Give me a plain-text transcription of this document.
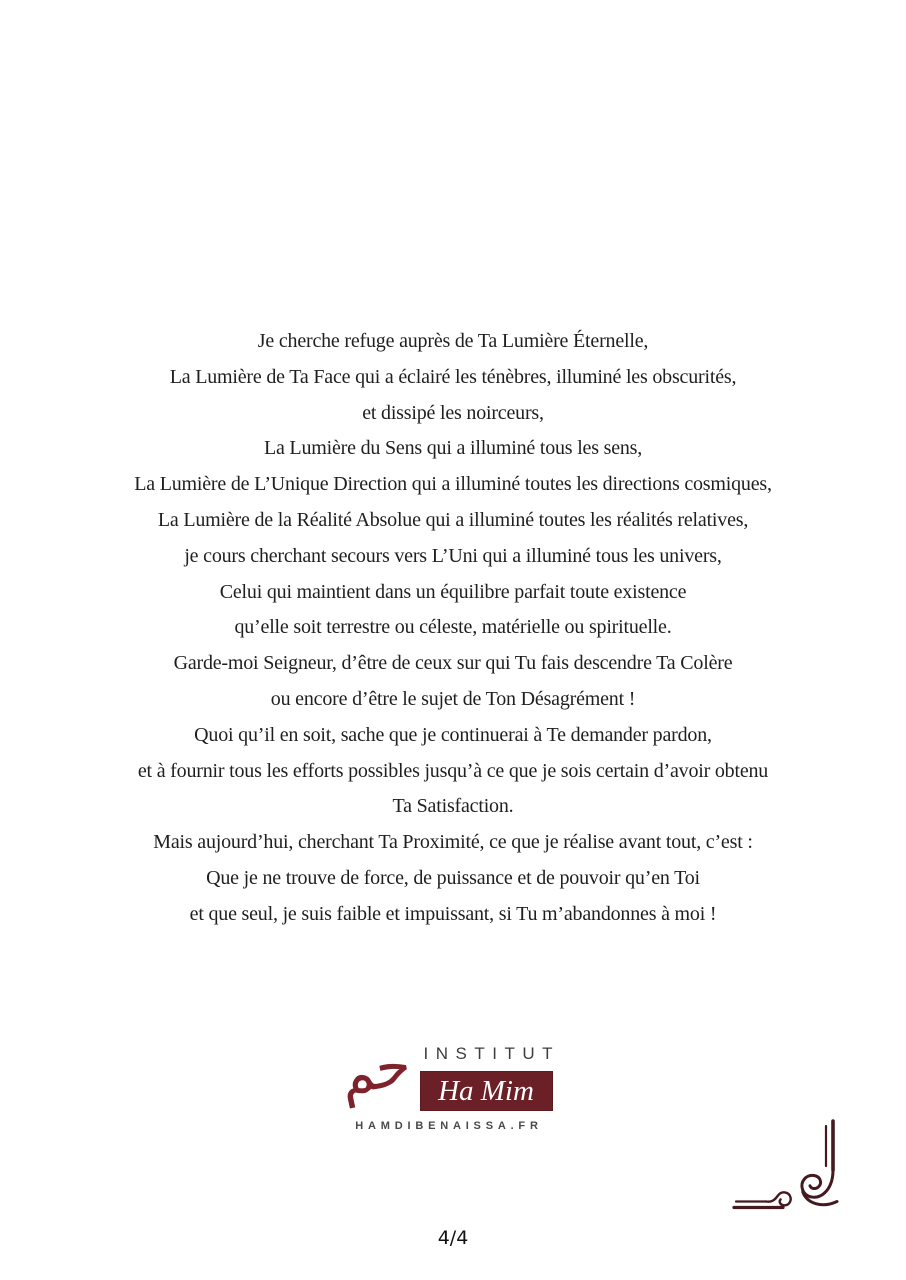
Je cherche refuge auprès de Ta Lumière Éternelle,
La Lumière de Ta Face qui a éclairé les ténèbres, illuminé les obscurités,
et dissipé les noirceurs,
La Lumière du Sens qui a illuminé tous les sens,
La Lumière de L’Unique Direction qui a illuminé toutes les directions cosmiques,
La Lumière de la Réalité Absolue qui a illuminé toutes les réalités relatives,
je cours cherchant secours vers L’Uni qui a illuminé tous les univers,
Celui qui maintient dans un équilibre parfait toute existence
qu’elle soit terrestre ou céleste, matérielle ou spirituelle.
Garde-moi Seigneur, d’être de ceux sur qui Tu fais descendre Ta Colère
ou encore d’être le sujet de Ton Désagrément !
Quoi qu’il en soit, sache que je continuerai à Te demander pardon,
et à fournir tous les efforts possibles jusqu’à ce que je sois certain d’avoir obtenu
Ta Satisfaction.
Mais aujourd’hui, cherchant Ta Proximité, ce que je réalise avant tout, c’est :
Que je ne trouve de force, de puissance et de pouvoir qu’en Toi
et que seul, je suis faible et impuissant, si Tu m’abandonnes à moi !
حم INSTITUT
Ha Mim
HAMDIBENAISSA.FR
4/4
